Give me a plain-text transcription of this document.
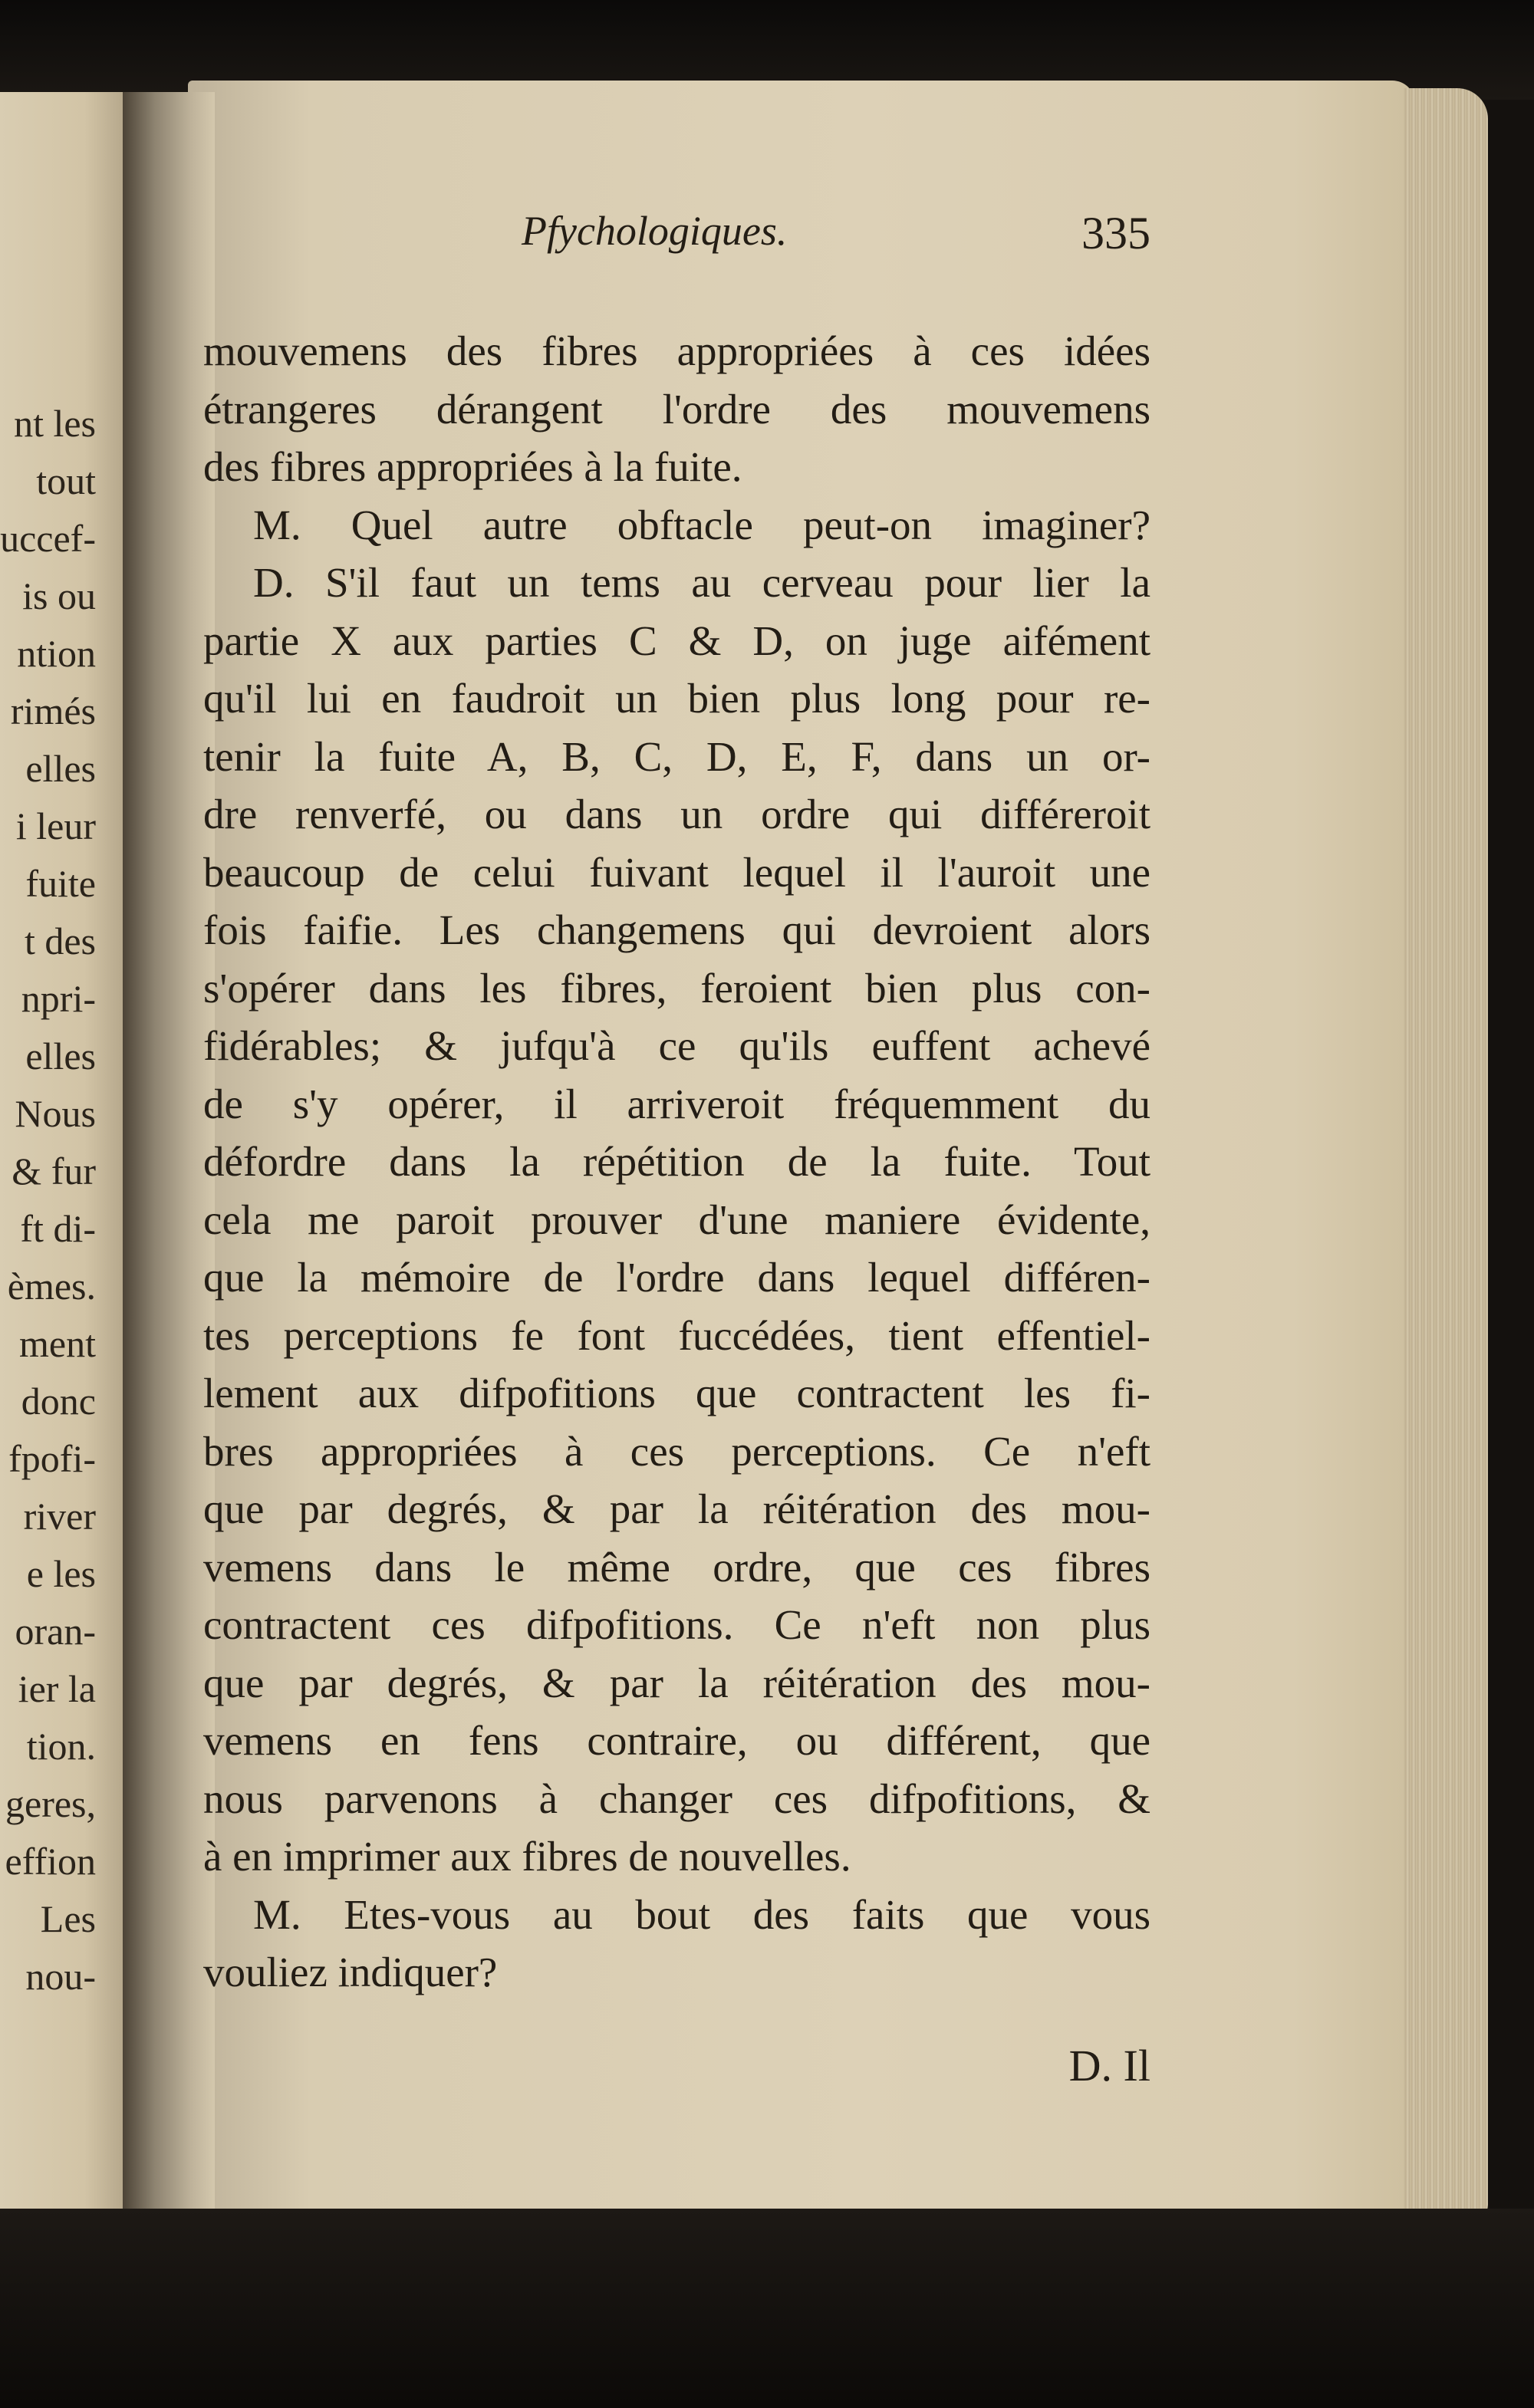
nt les
tout
uccef-
is ou
ntion
rimés
elles
i leur
fuite
t des
npri-
elles
Nous
& fur
ft di-
èmes.
ment
donc
fpofi-
river
e les
oran-
ier la
tion.
geres,
effion
Les
nou-
Pfychologiques.	335
mouvemens des fibres appropriées à ces idées
étrangeres dérangent l'ordre des mouvemens
des fibres appropriées à la fuite.
M. Quel autre obftacle peut-on imaginer?
D. S'il faut un tems au cerveau pour lier la
partie X aux parties C & D, on juge aifément
qu'il lui en faudroit un bien plus long pour re-
tenir la fuite A, B, C, D, E, F, dans un or-
dre renverfé, ou dans un ordre qui différeroit
beaucoup de celui fuivant lequel il l'auroit une
fois faifie. Les changemens qui devroient alors
s'opérer dans les fibres, feroient bien plus con-
fidérables; & jufqu'à ce qu'ils euffent achevé
de s'y opérer, il arriveroit fréquemment du
défordre dans la répétition de la fuite. Tout
cela me paroit prouver d'une maniere évidente,
que la mémoire de l'ordre dans lequel différen-
tes perceptions fe font fuccédées, tient effentiel-
lement aux difpofitions que contractent les fi-
bres appropriées à ces perceptions. Ce n'eft
que par degrés, & par la réitération des mou-
vemens dans le même ordre, que ces fibres
contractent ces difpofitions. Ce n'eft non plus
que par degrés, & par la réitération des mou-
vemens en fens contraire, ou différent, que
nous parvenons à changer ces difpofitions, &
à en imprimer aux fibres de nouvelles.
M. Etes-vous au bout des faits que vous
vouliez indiquer?
D. Il
